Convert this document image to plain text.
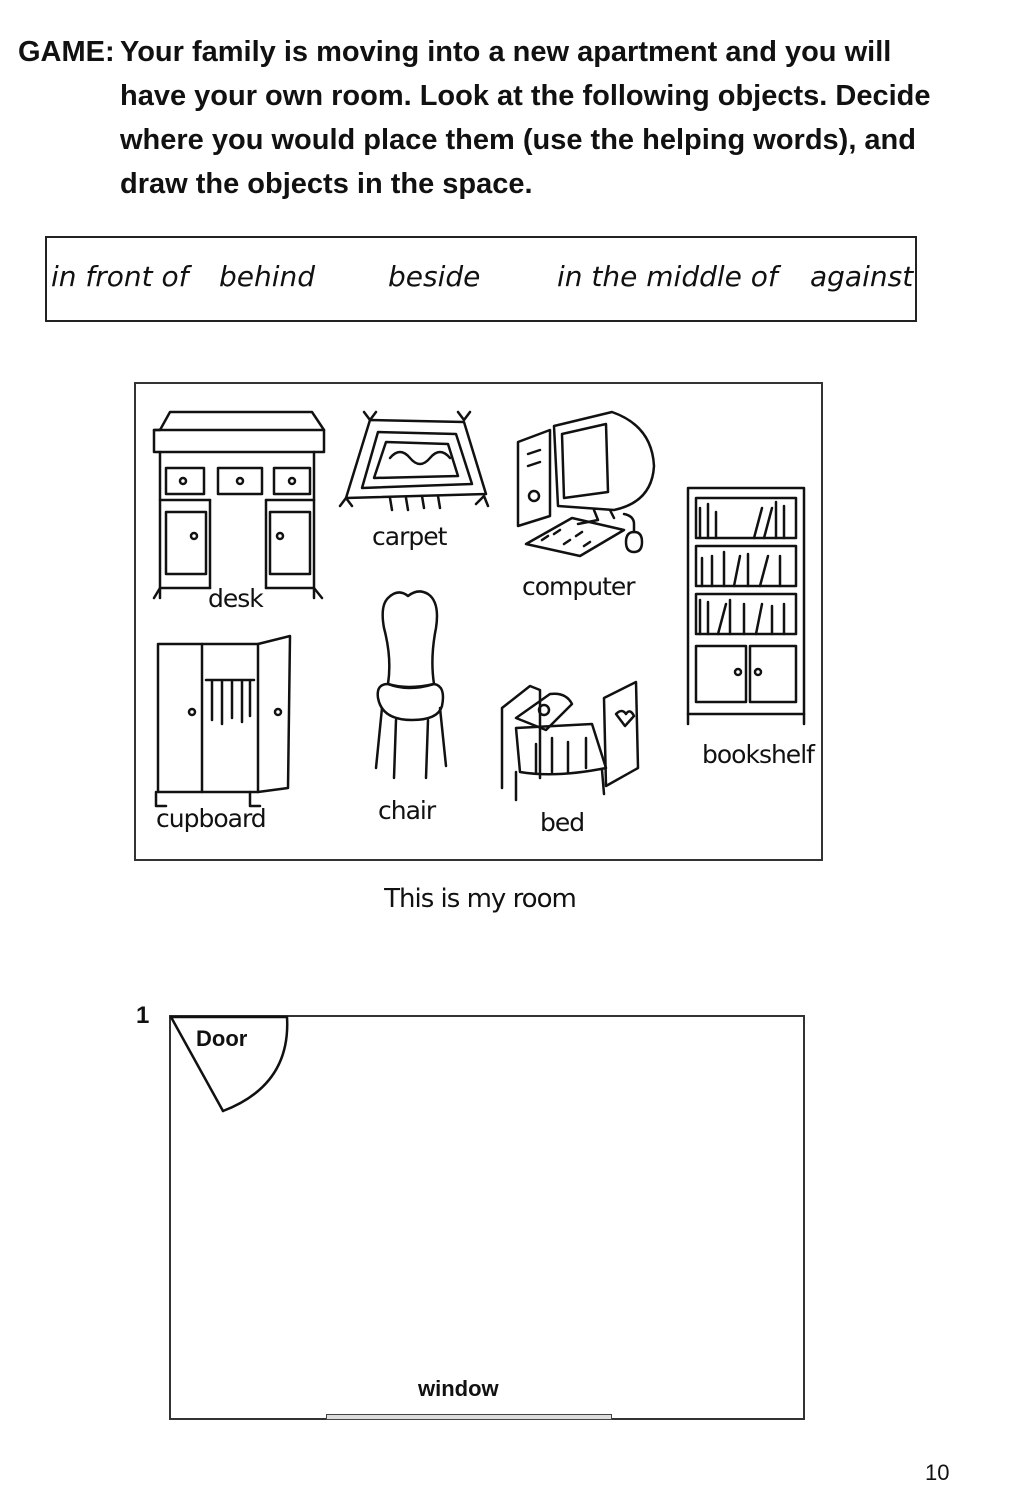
GAME: Your family is moving into a new apartment and you will
have your own room. Look at the following objects. Decide
where you would place them (use the helping words), and
draw the objects in the space.
in front of behind	beside	in the middle of against
desk
carpet
computer
bookshelf
cupboard	chair	bed
This is my room
1
Door
window
10
